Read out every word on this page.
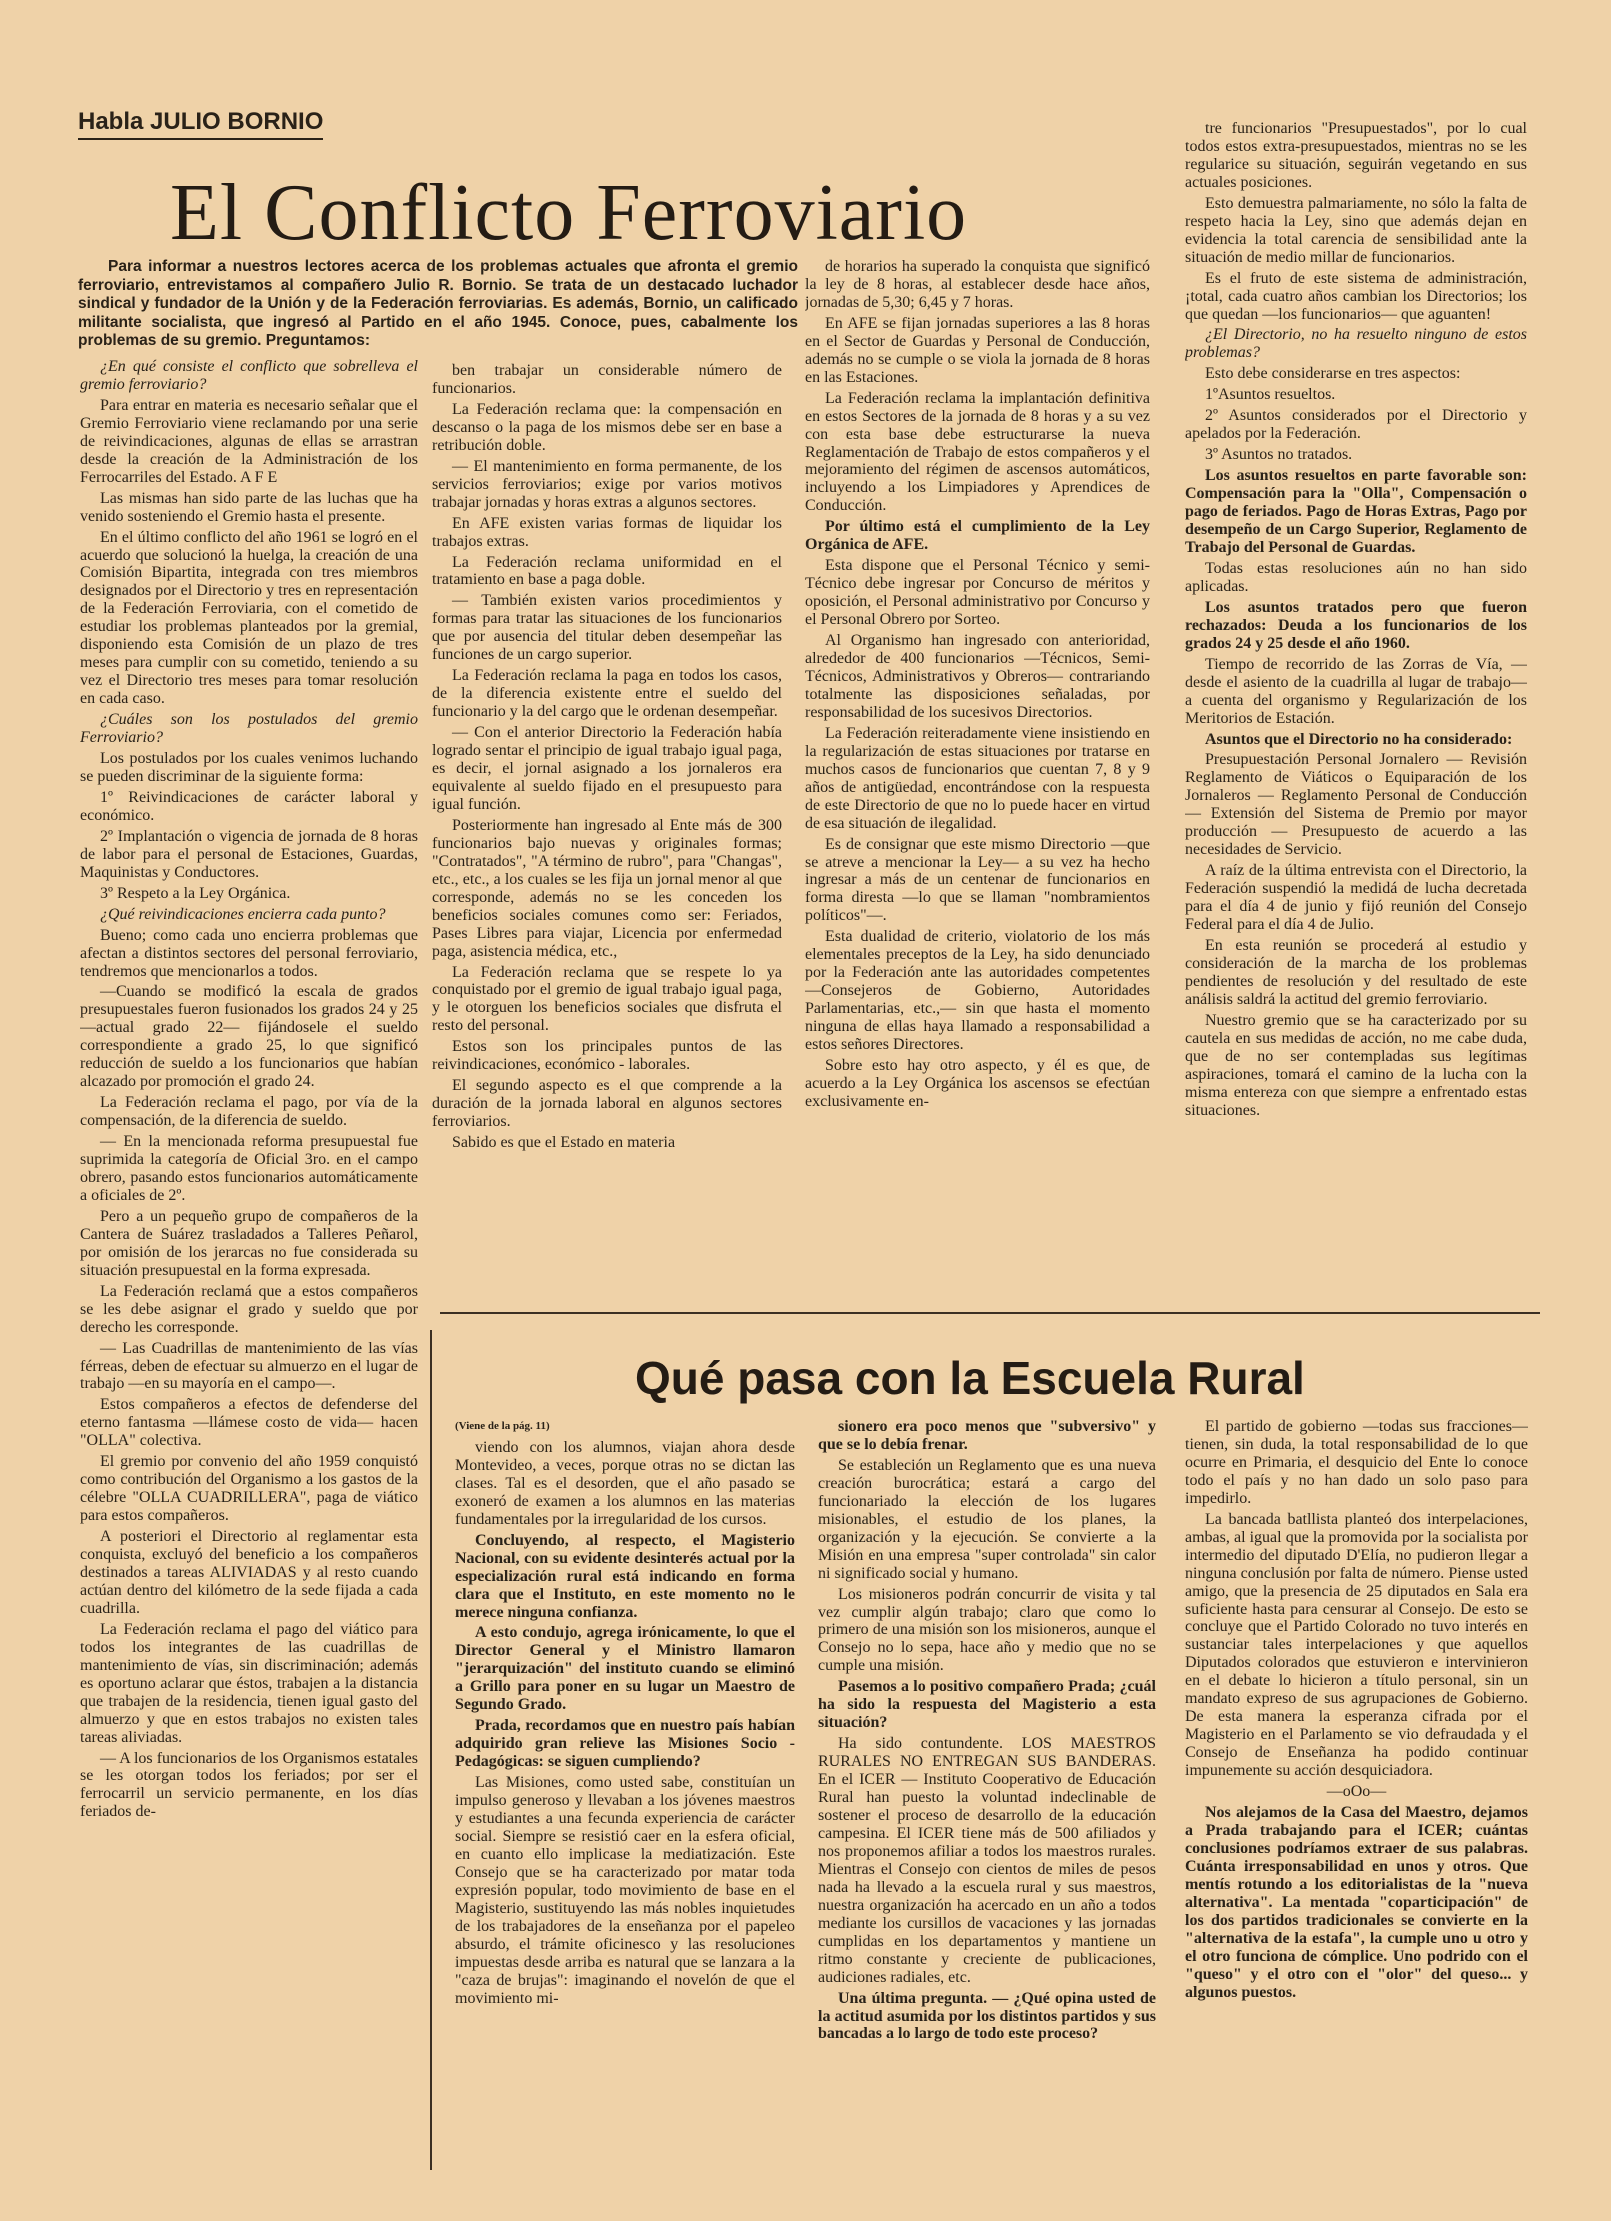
Habla JULIO BORNIO
El Conflicto Ferroviario

Para informar a nuestros lectores acerca de los problemas actuales que afronta el gremio ferroviario, entrevistamos al compañero Julio R. Bornio. Se trata de un destacado luchador sindical y fundador de la Unión y de la Federación ferroviarias. Es además, Bornio, un calificado militante socialista, que ingresó al Partido en el año 1945. Conoce, pues, cabalmente los problemas de su gremio. Preguntamos:

¿En qué consiste el conflicto que sobrelleva el gremio ferroviario?

Para entrar en materia es necesario señalar que el Gremio Ferroviario viene reclamando por una serie de reivindicaciones, algunas de ellas se arrastran desde la creación de la Administración de los Ferrocarriles del Estado. A F E

Las mismas han sido parte de las luchas que ha venido sosteniendo el Gremio hasta el presente.

En el último conflicto del año 1961 se logró en el acuerdo que solucionó la huelga, la creación de una Comisión Bipartita, integrada con tres miembros designados por el Directorio y tres en representación de la Federación Ferroviaria, con el cometido de estudiar los problemas planteados por la gremial, disponiendo esta Comisión de un plazo de tres meses para cumplir con su cometido, teniendo a su vez el Directorio tres meses para tomar resolución en cada caso.

¿Cuáles son los postulados del gremio Ferroviario?

Los postulados por los cuales venimos luchando se pueden discriminar de la siguiente forma:

1º Reivindicaciones de carácter laboral y económico.

2º Implantación o vigencia de jornada de 8 horas de labor para el personal de Estaciones, Guardas, Maquinistas y Conductores.

3º Respeto a la Ley Orgánica.

¿Qué reivindicaciones encierra cada punto?

Bueno; como cada uno encierra problemas que afectan a distintos sectores del personal ferroviario, tendremos que mencionarlos a todos.

—Cuando se modificó la escala de grados presupuestales fueron fusionados los grados 24 y 25 —actual grado 22— fijándosele el sueldo correspondiente a grado 25, lo que significó reducción de sueldo a los funcionarios que habían alcazado por promoción el grado 24.

La Federación reclama el pago, por vía de la compensación, de la diferencia de sueldo.

— En la mencionada reforma presupuestal fue suprimida la categoría de Oficial 3ro. en el campo obrero, pasando estos funcionarios automáticamente a oficiales de 2º.

Pero a un pequeño grupo de compañeros de la Cantera de Suárez trasladados a Talleres Peñarol, por omisión de los jerarcas no fue considerada su situación presupuestal en la forma expresada.

La Federación reclamá que a estos compañeros se les debe asignar el grado y sueldo que por derecho les corresponde.

— Las Cuadrillas de mantenimiento de las vías férreas, deben de efectuar su almuerzo en el lugar de trabajo —en su mayoría en el campo—.

Estos compañeros a efectos de defenderse del eterno fantasma —llámese costo de vida— hacen "OLLA" colectiva.

El gremio por convenio del año 1959 conquistó como contribución del Organismo a los gastos de la célebre "OLLA CUADRILLERA", paga de viático para estos compañeros.

A posteriori el Directorio al reglamentar esta conquista, excluyó del beneficio a los compañeros destinados a tareas ALIVIADAS y al resto cuando actúan dentro del kilómetro de la sede fijada a cada cuadrilla.

La Federación reclama el pago del viático para todos los integrantes de las cuadrillas de mantenimiento de vías, sin discriminación; además es oportuno aclarar que éstos, trabajen a la distancia que trabajen de la residencia, tienen igual gasto del almuerzo y que en estos trabajos no existen tales tareas aliviadas.

— A los funcionarios de los Organismos estatales se les otorgan todos los feriados; por ser el ferrocarril un servicio permanente, en los días feriados de-

ben trabajar un considerable número de funcionarios.

La Federación reclama que: la compensación en descanso o la paga de los mismos debe ser en base a retribución doble.

— El mantenimiento en forma permanente, de los servicios ferroviarios; exige por varios motivos trabajar jornadas y horas extras a algunos sectores.

En AFE existen varias formas de liquidar los trabajos extras.

La Federación reclama uniformidad en el tratamiento en base a paga doble.

— También existen varios procedimientos y formas para tratar las situaciones de los funcionarios que por ausencia del titular deben desempeñar las funciones de un cargo superior.

La Federación reclama la paga en todos los casos, de la diferencia existente entre el sueldo del funcionario y la del cargo que le ordenan desempeñar.

— Con el anterior Directorio la Federación había logrado sentar el principio de igual trabajo igual paga, es decir, el jornal asignado a los jornaleros era equivalente al sueldo fijado en el presupuesto para igual función.

Posteriormente han ingresado al Ente más de 300 funcionarios bajo nuevas y originales formas; "Contratados", "A término de rubro", para "Changas", etc., etc., a los cuales se les fija un jornal menor al que corresponde, además no se les conceden los beneficios sociales comunes como ser: Feriados, Pases Libres para viajar, Licencia por enfermedad paga, asistencia médica, etc.,

La Federación reclama que se respete lo ya conquistado por el gremio de igual trabajo igual paga, y le otorguen los beneficios sociales que disfruta el resto del personal.

Estos son los principales puntos de las reivindicaciones, económico - laborales.

El segundo aspecto es el que comprende a la duración de la jornada laboral en algunos sectores ferroviarios.

Sabido es que el Estado en materia

de horarios ha superado la conquista que significó la ley de 8 horas, al establecer desde hace años, jornadas de 5,30; 6,45 y 7 horas.

En AFE se fijan jornadas superiores a las 8 horas en el Sector de Guardas y Personal de Conducción, además no se cumple o se viola la jornada de 8 horas en las Estaciones.

La Federación reclama la implantación definitiva en estos Sectores de la jornada de 8 horas y a su vez con esta base debe estructurarse la nueva Reglamentación de Trabajo de estos compañeros y el mejoramiento del régimen de ascensos automáticos, incluyendo a los Limpiadores y Aprendices de Conducción.

Por último está el cumplimiento de la Ley Orgánica de AFE.

Esta dispone que el Personal Técnico y semi-Técnico debe ingresar por Concurso de méritos y oposición, el Personal administrativo por Concurso y el Personal Obrero por Sorteo.

Al Organismo han ingresado con anterioridad, alrededor de 400 funcionarios —Técnicos, Semi-Técnicos, Administrativos y Obreros— contrariando totalmente las disposiciones señaladas, por responsabilidad de los sucesivos Directorios.

La Federación reiteradamente viene insistiendo en la regularización de estas situaciones por tratarse en muchos casos de funcionarios que cuentan 7, 8 y 9 años de antigüedad, encontrándose con la respuesta de este Directorio de que no lo puede hacer en virtud de esa situación de ilegalidad.

Es de consignar que este mismo Directorio —que se atreve a mencionar la Ley— a su vez ha hecho ingresar a más de un centenar de funcionarios en forma diresta —lo que se llaman "nombramientos políticos"—.

Esta dualidad de criterio, violatorio de los más elementales preceptos de la Ley, ha sido denunciado por la Federación ante las autoridades competentes —Consejeros de Gobierno, Autoridades Parlamentarias, etc.,— sin que hasta el momento ninguna de ellas haya llamado a responsabilidad a estos señores Directores.

Sobre esto hay otro aspecto, y él es que, de acuerdo a la Ley Orgánica los ascensos se efectúan exclusivamente en-

tre funcionarios "Presupuestados", por lo cual todos estos extra-presupuestados, mientras no se les regularice su situación, seguirán vegetando en sus actuales posiciones.

Esto demuestra palmariamente, no sólo la falta de respeto hacia la Ley, sino que además dejan en evidencia la total carencia de sensibilidad ante la situación de medio millar de funcionarios.

Es el fruto de este sistema de administración, ¡total, cada cuatro años cambian los Directorios; los que quedan —los funcionarios— que aguanten!

¿El Directorio, no ha resuelto ninguno de estos problemas?

Esto debe considerarse en tres aspectos:

1ºAsuntos resueltos.

2º Asuntos considerados por el Directorio y apelados por la Federación.

3º Asuntos no tratados.

Los asuntos resueltos en parte favorable son: Compensación para la "Olla", Compensación o pago de feriados. Pago de Horas Extras, Pago por desempeño de un Cargo Superior, Reglamento de Trabajo del Personal de Guardas.

Todas estas resoluciones aún no han sido aplicadas.

Los asuntos tratados pero que fueron rechazados: Deuda a los funcionarios de los grados 24 y 25 desde el año 1960.

Tiempo de recorrido de las Zorras de Vía, —desde el asiento de la cuadrilla al lugar de trabajo— a cuenta del organismo y Regularización de los Meritorios de Estación.

Asuntos que el Directorio no ha considerado:

Presupuestación Personal Jornalero — Revisión Reglamento de Viáticos o Equiparación de los Jornaleros — Reglamento Personal de Conducción — Extensión del Sistema de Premio por mayor producción — Presupuesto de acuerdo a las necesidades de Servicio.

A raíz de la última entrevista con el Directorio, la Federación suspendió la medidá de lucha decretada para el día 4 de junio y fijó reunión del Consejo Federal para el día 4 de Julio.

En esta reunión se procederá al estudio y consideración de la marcha de los problemas pendientes de resolución y del resultado de este análisis saldrá la actitud del gremio ferroviario.

Nuestro gremio que se ha caracterizado por su cautela en sus medidas de acción, no me cabe duda, que de no ser contempladas sus legítimas aspiraciones, tomará el camino de la lucha con la misma entereza con que siempre a enfrentado estas situaciones.

Qué pasa con la Escuela Rural

(Viene de la pág. 11)

viendo con los alumnos, viajan ahora desde Montevideo, a veces, porque otras no se dictan las clases. Tal es el desorden, que el año pasado se exoneró de examen a los alumnos en las materias fundamentales por la irregularidad de los cursos.

Concluyendo, al respecto, el Magisterio Nacional, con su evidente desinterés actual por la especialización rural está indicando en forma clara que el Instituto, en este momento no le merece ninguna confianza.

A esto condujo, agrega irónicamente, lo que el Director General y el Ministro llamaron "jerarquización" del instituto cuando se eliminó a Grillo para poner en su lugar un Maestro de Segundo Grado.

Prada, recordamos que en nuestro país habían adquirido gran relieve las Misiones Socio - Pedagógicas: se siguen cumpliendo?

Las Misiones, como usted sabe, constituían un impulso generoso y llevaban a los jóvenes maestros y estudiantes a una fecunda experiencia de carácter social. Siempre se resistió caer en la esfera oficial, en cuanto ello implicase la mediatización. Este Consejo que se ha caracterizado por matar toda expresión popular, todo movimiento de base en el Magisterio, sustituyendo las más nobles inquietudes de los trabajadores de la enseñanza por el papeleo absurdo, el trámite oficinesco y las resoluciones impuestas desde arriba es natural que se lanzara a la "caza de brujas": imaginando el novelón de que el movimiento mi-

sionero era poco menos que "subversivo" y que se lo debía frenar.

Se estableción un Reglamento que es una nueva creación burocrática; estará a cargo del funcionariado la elección de los lugares misionables, el estudio de los planes, la organización y la ejecución. Se convierte a la Misión en una empresa "super controlada" sin calor ni significado social y humano.

Los misioneros podrán concurrir de visita y tal vez cumplir algún trabajo; claro que como lo primero de una misión son los misioneros, aunque el Consejo no lo sepa, hace año y medio que no se cumple una misión.

Pasemos a lo positivo compañero Prada; ¿cuál ha sido la respuesta del Magisterio a esta situación?

Ha sido contundente. LOS MAESTROS RURALES NO ENTREGAN SUS BANDERAS. En el ICER — Instituto Cooperativo de Educación Rural han puesto la voluntad indeclinable de sostener el proceso de desarrollo de la educación campesina. El ICER tiene más de 500 afiliados y nos proponemos afiliar a todos los maestros rurales. Mientras el Consejo con cientos de miles de pesos nada ha llevado a la escuela rural y sus maestros, nuestra organización ha acercado en un año a todos mediante los cursillos de vacaciones y las jornadas cumplidas en los departamentos y mantiene un ritmo constante y creciente de publicaciones, audiciones radiales, etc.

Una última pregunta. — ¿Qué opina usted de la actitud asumida por los distintos partidos y sus bancadas a lo largo de todo este proceso?

El partido de gobierno —todas sus fracciones— tienen, sin duda, la total responsabilidad de lo que ocurre en Primaria, el desquicio del Ente lo conoce todo el país y no han dado un solo paso para impedirlo.

La bancada batllista planteó dos interpelaciones, ambas, al igual que la promovida por la socialista por intermedio del diputado D'Elía, no pudieron llegar a ninguna conclusión por falta de número. Piense usted amigo, que la presencia de 25 diputados en Sala era suficiente hasta para censurar al Consejo. De esto se concluye que el Partido Colorado no tuvo interés en sustanciar tales interpelaciones y que aquellos Diputados colorados que estuvieron e intervinieron en el debate lo hicieron a título personal, sin un mandato expreso de sus agrupaciones de Gobierno. De esta manera la esperanza cifrada por el Magisterio en el Parlamento se vio defraudada y el Consejo de Enseñanza ha podido continuar impunemente su acción desquiciadora.

—oOo—

Nos alejamos de la Casa del Maestro, dejamos a Prada trabajando para el ICER; cuántas conclusiones podríamos extraer de sus palabras. Cuánta irresponsabilidad en unos y otros. Que mentís rotundo a los editorialistas de la "nueva alternativa". La mentada "coparticipación" de los dos partidos tradicionales se convierte en la "alternativa de la estafa", la cumple uno u otro y el otro funciona de cómplice. Uno podrido con el "queso" y el otro con el "olor" del queso... y algunos puestos.
